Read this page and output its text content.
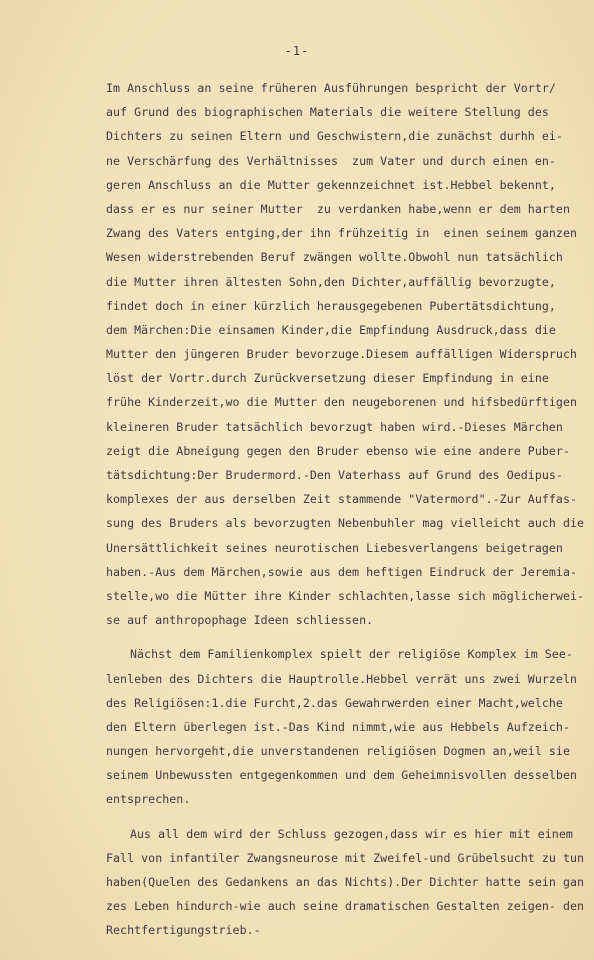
-1-
Im Anschluss an seine früheren Ausführungen bespricht der Vortr/
auf Grund des biographischen Materials die weitere Stellung des
Dichters zu seinen Eltern und Geschwistern,die zunächst durhh ei-
ne Verschärfung des Verhältnisses  zum Vater und durch einen en-
geren Anschluss an die Mutter gekennzeichnet ist.Hebbel bekennt,
dass er es nur seiner Mutter  zu verdanken habe,wenn er dem harten
Zwang des Vaters entging,der ihn frühzeitig in  einen seinem ganzen
Wesen widerstrebenden Beruf zwängen wollte.Obwohl nun tatsächlich
die Mutter ihren ältesten Sohn,den Dichter,auffällig bevorzugte,
findet doch in einer kürzlich herausgegebenen Pubertätsdichtung,
dem Märchen:Die einsamen Kinder,die Empfindung Ausdruck,dass die
Mutter den jüngeren Bruder bevorzuge.Diesem auffälligen Widerspruch
löst der Vortr.durch Zurückversetzung dieser Empfindung in eine
frühe Kinderzeit,wo die Mutter den neugeborenen und hifsbedürftigen
kleineren Bruder tatsächlich bevorzugt haben wird.-Dieses Märchen
zeigt die Abneigung gegen den Bruder ebenso wie eine andere Puber-
tätsdichtung:Der Brudermord.-Den Vaterhass auf Grund des Oedipus-
komplexes der aus derselben Zeit stammende "Vatermord".-Zur Auffas-
sung des Bruders als bevorzugten Nebenbuhler mag vielleicht auch die
Unersättlichkeit seines neurotischen Liebesverlangens beigetragen
haben.-Aus dem Märchen,sowie aus dem heftigen Eindruck der Jeremia-
stelle,wo die Mütter ihre Kinder schlachten,lasse sich möglicherwei-
se auf anthropophage Ideen schliessen.
Nächst dem Familienkomplex spielt der religiöse Komplex im See-
lenleben des Dichters die Hauptrolle.Hebbel verrät uns zwei Wurzeln
des Religiösen:1.die Furcht,2.das Gewahrwerden einer Macht,welche
den Eltern überlegen ist.-Das Kind nimmt,wie aus Hebbels Aufzeich-
nungen hervorgeht,die unverstandenen religiösen Dogmen an,weil sie
seinem Unbewussten entgegenkommen und dem Geheimnisvollen desselben
entsprechen.
Aus all dem wird der Schluss gezogen,dass wir es hier mit einem
Fall von infantiler Zwangsneurose mit Zweifel-und Grübelsucht zu tun
haben(Quelen des Gedankens an das Nichts).Der Dichter hatte sein gan
zes Leben hindurch-wie auch seine dramatischen Gestalten zeigen- den
Rechtfertigungstrieb.-
